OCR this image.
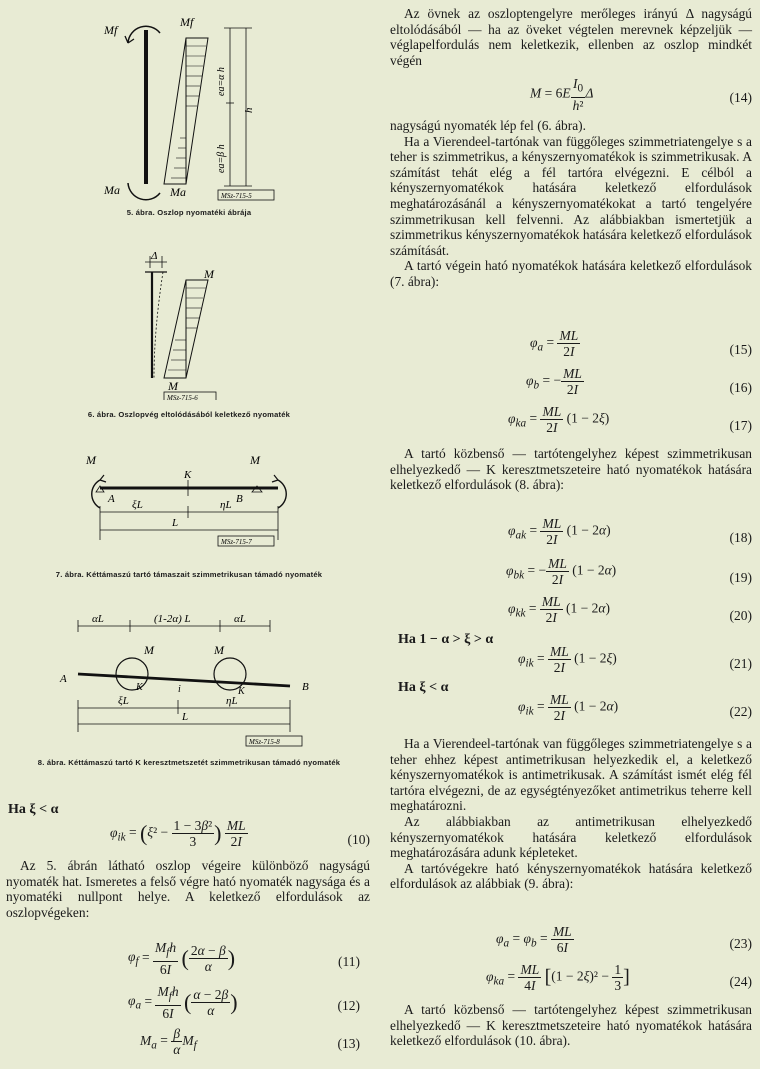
Mf
Ma
Mf
Ma
ea=α h
ea=β h
h
MSz-715-5
5. ábra. Oszlop nyomatéki ábrája
Δ
M
M
MSz-715-6
6. ábra. Oszlopvég eltolódásából keletkező nyomaték
M	M
A	B
K
ξL	ηL
L
MSz-715-7
7. ábra. Kéttámaszú tartó támaszait szimmetrikusan támadó nyomaték
αL	(1-2α) L	αL
M	M
A
B
K	K
i
ξL	ηL
L
MSz-715-8
8. ábra. Kéttámaszú tartó K keresztmetszetét szimmetrikusan támadó nyomaték
Ha ξ < α
$\varphi_{ik} = (\xi^2 - \frac{\text{1 − 3β²}}{3}$ ) $\frac{ML}{2I}$	(10)

Az 5. ábrán látható oszlop végeire különböző nagyságú nyomaték hat. Ismeretes a felső végre ható nyomaték nagysága és a nyomatéki nullpont helye. A keletkező elfordulások az oszlopvégeken:

$\varphi_f = \frac{M_fh}{6I}$ ( $\frac{2\alpha - \beta}{\alpha}$ )	(11)
$\varphi_a = \frac{M_fh}{6I}$ ( $\frac{\alpha - 2\beta}{\alpha}$ )	(12)
$M_a = \frac{\beta}{\alpha} M_f$	(13)

Az övnek az oszloptengelyre merőleges irányú Δ nagyságú eltolódásából — ha az öveket végtelen merevnek képzeljük — véglapelfordulás nem keletkezik, ellenben az oszlop mindkét végén

$M = 6E \frac{I_0}{\text{h²}}$ Δ	(14)

nagyságú nyomaték lép fel (6. ábra).

Ha a Vierendeel-tartónak van függőleges szimmetriatengelye s a teher is szimmetrikus, a kényszernyomatékok is szimmetrikusak. A számítást tehát elég a fél tartóra elvégezni. E célból a kényszernyomatékok hatására keletkező elfordulások meghatározásánál a kényszernyomatékokat a tartó tengelyére szimmetrikusan kell felvenni. Az alábbiakban ismertetjük a szimmetrikus kényszernyomatékok hatására keletkező elfordulások számítását.

A tartó végein ható nyomatékok hatására keletkező elfordulások (7. ábra):

$\varphi_a = \frac{ML}{2I}$	(15)
$\varphi_b$ = − $\frac{ML}{2I}$	(16)
$\varphi_{ka} = \frac{ML}{2I} (1 - 2\xi)$	(17)

A tartó közbenső — tartótengelyhez képest szimmetrikusan elhelyezkedő — K keresztmetszeteire ható nyomatékok hatására keletkező elfordulások (8. ábra):

$\varphi_{ak} = \frac{ML}{2I} (1 - 2\alpha)$	(18)
$\varphi_{bk}$ = − $\frac{ML}{2I} (1 - 2\alpha)$	(19)
$\varphi_{kk} = \frac{ML}{2I} (1 - 2\alpha)$	(20)
Ha 1 − α > ξ > α
$\varphi_{ik} = \frac{ML}{2I} (1 - 2\xi)$	(21)
Ha ξ < α
$\varphi_{ik} = \frac{ML}{2I} (1 - 2\alpha)$	(22)

Ha a Vierendeel-tartónak van függőleges szimmetriatengelye s a teher ehhez képest antimetrikusan helyezkedik el, a keletkező kényszernyomatékok is antimetrikusak. A számítást ismét elég fél tartóra elvégezni, de az egységtényezőket antimetrikus teherre kell meghatározni.

Az alábbiakban az antimetrikusan elhelyezkedő kényszernyomatékok hatására keletkező elfordulások meghatározására adunk képleteket.

A tartóvégekre ható kényszernyomatékok hatására keletkező elfordulások az alábbiak (9. ábra):

$\varphi_a = \varphi_b = \frac{ML}{6I}$	(23)
$\varphi_{ka} = \frac{ML}{4I} [(1 - 2\xi)^2 - \frac{1}{3}$ ]	(24)

A tartó közbenső — tartótengelyhez képest szimmetrikusan elhelyezkedő — K keresztmetszeteire ható nyomatékok hatására keletkező elfordulások (10. ábra).
